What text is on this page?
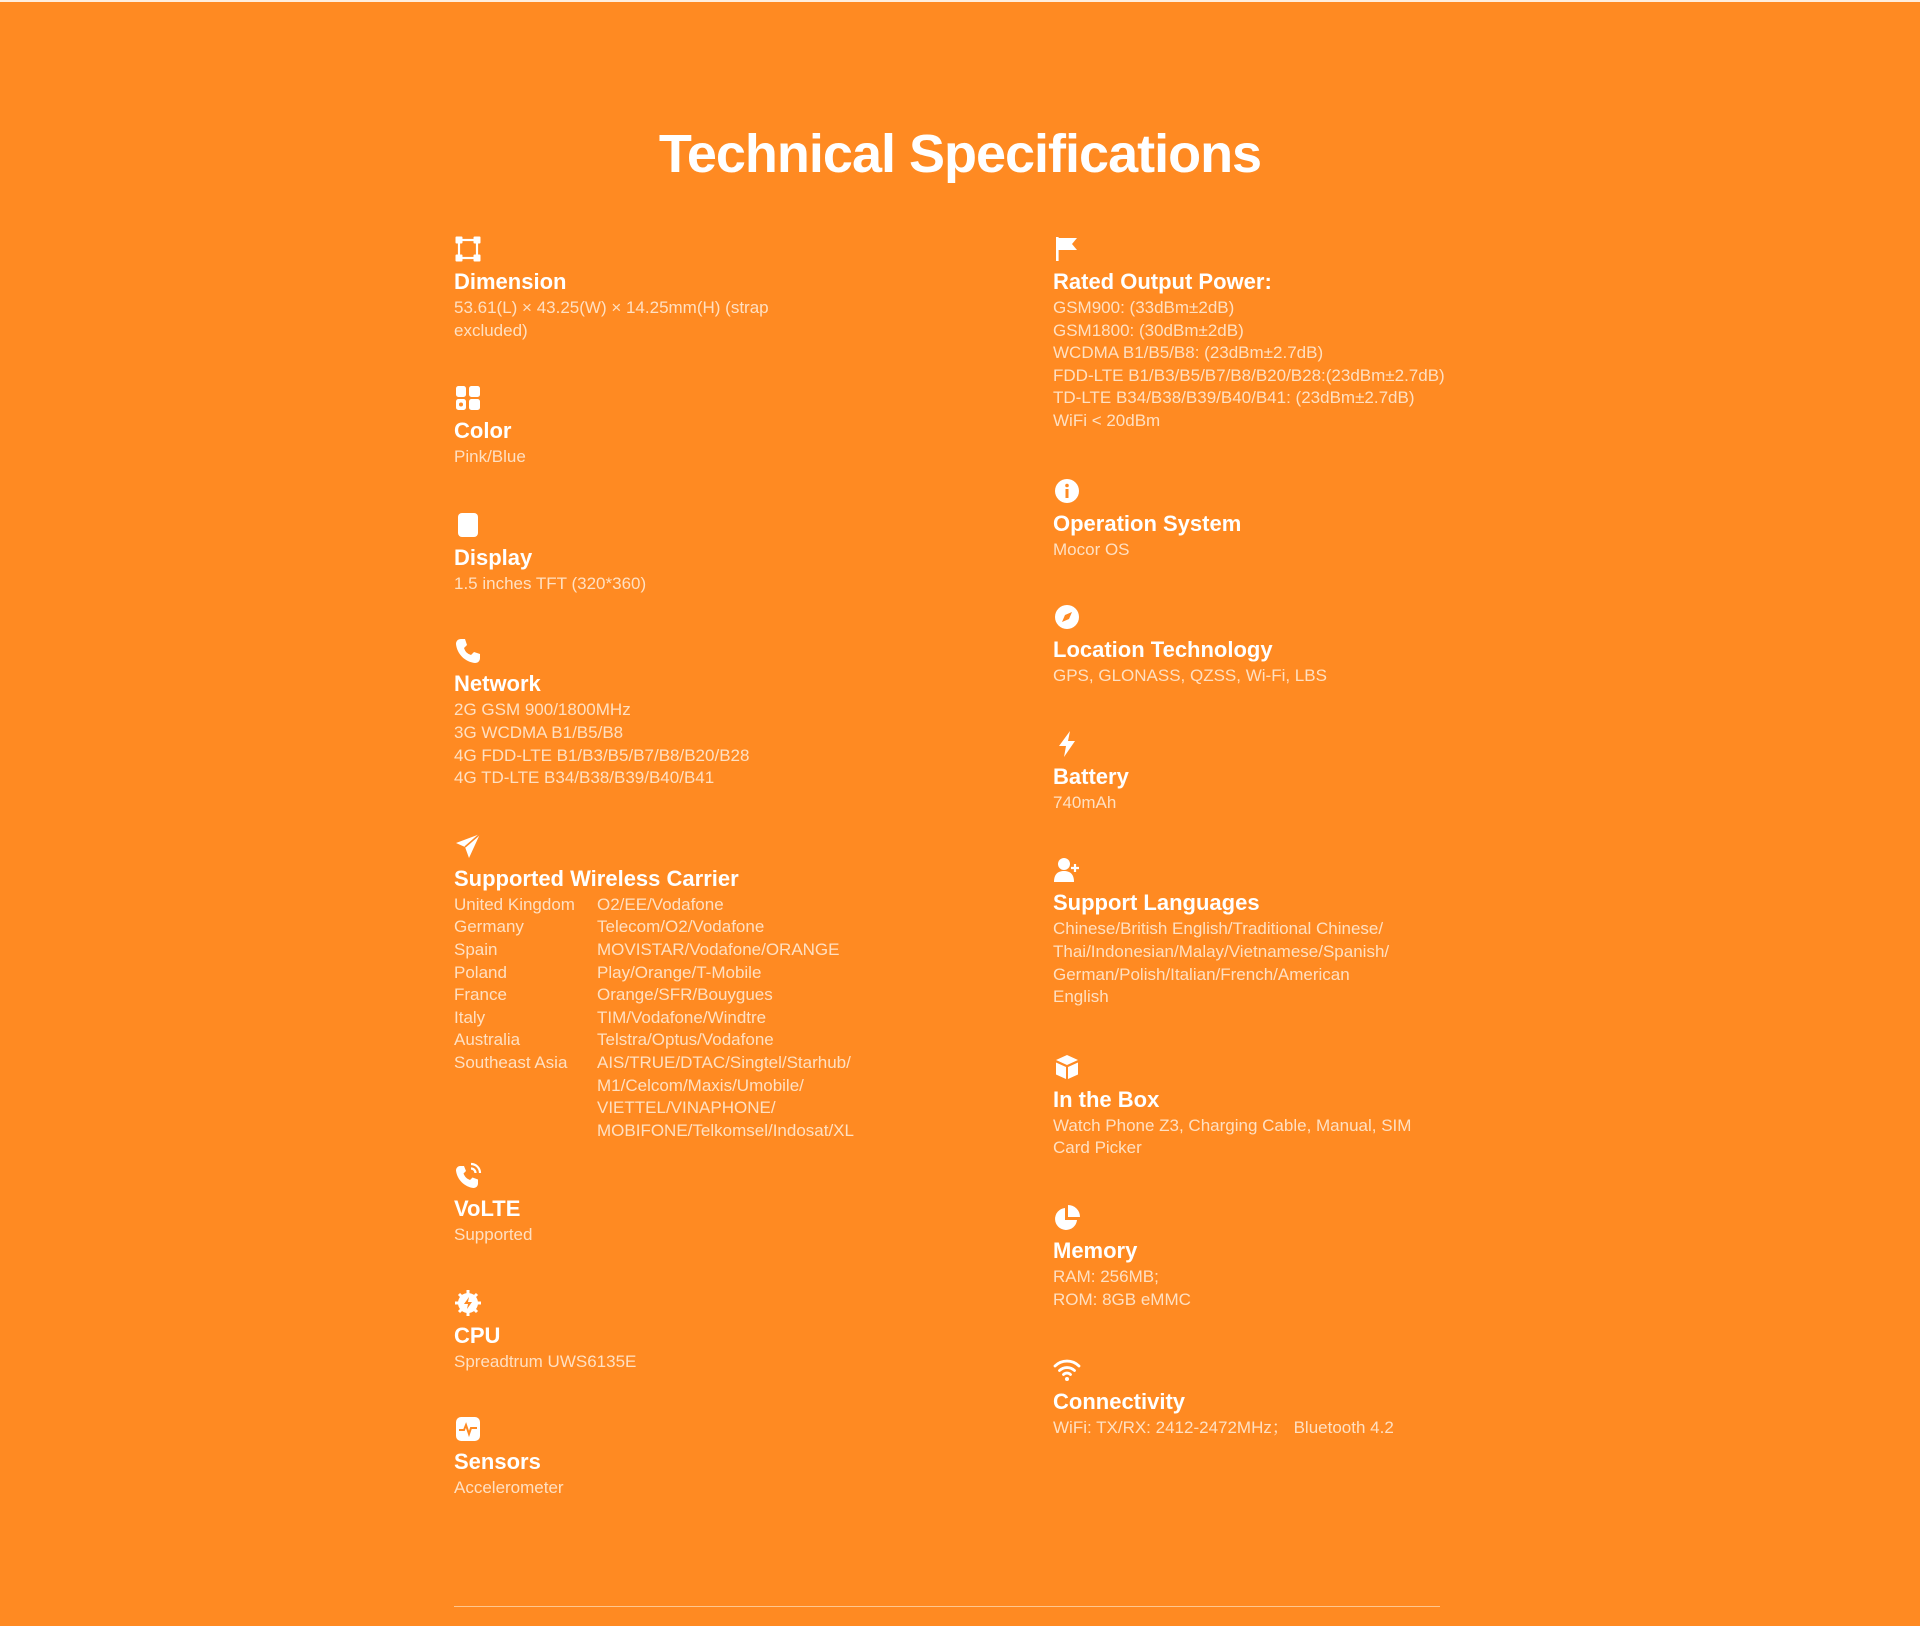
Technical Specifications
Dimension
53.61(L) × 43.25(W) × 14.25mm(H) (strap
excluded)
Color
Pink/Blue
Display
1.5 inches TFT (320*360)
Network
2G GSM 900/1800MHz
3G WCDMA B1/B5/B8
4G FDD-LTE B1/B3/B5/B7/B8/B20/B28
4G TD-LTE B34/B38/B39/B40/B41
Supported Wireless Carrier
United Kingdom	O2/EE/Vodafone
Germany	Telecom/O2/Vodafone
Spain	MOVISTAR/Vodafone/ORANGE
Poland	Play/Orange/T-Mobile
France	Orange/SFR/Bouygues
Italy	TIM/Vodafone/Windtre
Australia	Telstra/Optus/Vodafone
Southeast Asia	AIS/TRUE/DTAC/Singtel/Starhub/
M1/Celcom/Maxis/Umobile/
VIETTEL/VINAPHONE/
MOBIFONE/Telkomsel/Indosat/XL
VoLTE
Supported
CPU
Spreadtrum UWS6135E
Sensors
Accelerometer
Rated Output Power:
GSM900: (33dBm±2dB)
GSM1800: (30dBm±2dB)
WCDMA B1/B5/B8: (23dBm±2.7dB)
FDD-LTE B1/B3/B5/B7/B8/B20/B28:(23dBm±2.7dB)
TD-LTE B34/B38/B39/B40/B41: (23dBm±2.7dB)
WiFi < 20dBm
Operation System
Mocor OS
Location Technology
GPS, GLONASS, QZSS, Wi-Fi, LBS
Battery
740mAh
Support Languages
Chinese/British English/Traditional Chinese/
Thai/Indonesian/Malay/Vietnamese/Spanish/
German/Polish/Italian/French/American
English
In the Box
Watch Phone Z3, Charging Cable, Manual, SIM
Card Picker
Memory
RAM: 256MB;
ROM: 8GB eMMC
Connectivity
WiFi: TX/RX: 2412-2472MHz； Bluetooth 4.2
